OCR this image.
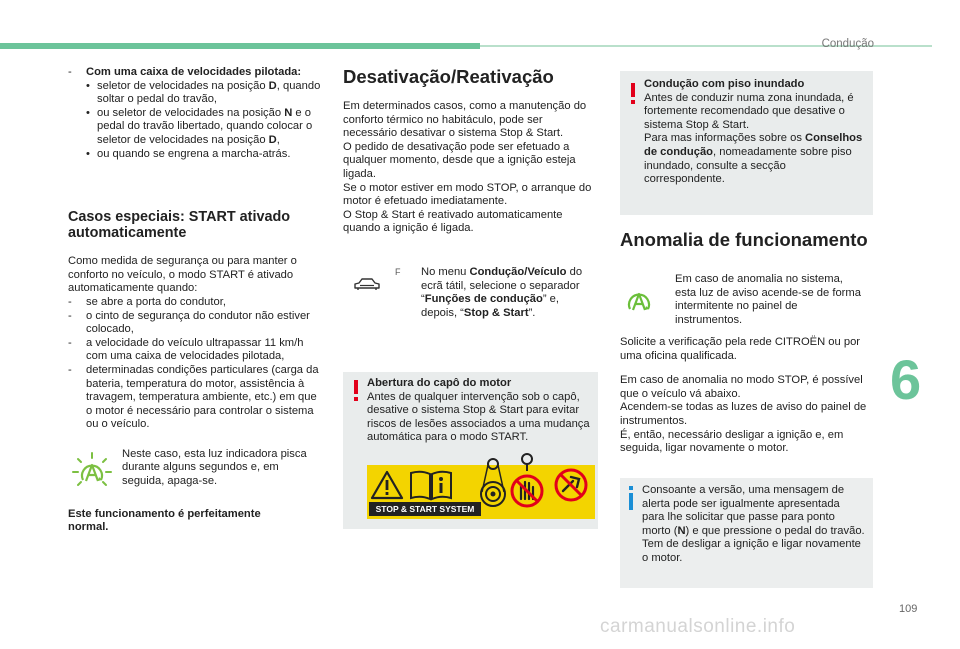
Condução
- Com uma caixa de velocidades pilotada:
• seletor de velocidades na posição D, quando soltar o pedal do travão,
• ou seletor de velocidades na posição N e o pedal do travão libertado, quando colocar o seletor de velocidades na posição D,
• ou quando se engrena a marcha-atrás.
Casos especiais: START ativado automaticamente

Como medida de segurança ou para manter o conforto no veículo, o modo START é ativado automaticamente quando:

- se abre a porta do condutor,
- o cinto de segurança do condutor não estiver colocado,
- a velocidade do veículo ultrapassar 11 km/h com uma caixa de velocidades pilotada,
- determinadas condições particulares (carga da bateria, temperatura do motor, assistência à travagem, temperatura ambiente, etc.) em que o motor é necessário para controlar o sistema ou o veículo.

Neste caso, esta luz indicadora pisca durante alguns segundos e, em seguida, apaga-se.

Este funcionamento é perfeitamente normal.

Desativação/Reativação

Em determinados casos, como a manutenção do conforto térmico no habitáculo, pode ser necessário desativar o sistema Stop & Start.

O pedido de desativação pode ser efetuado a qualquer momento, desde que a ignição esteja ligada.

Se o motor estiver em modo STOP, o arranque do motor é efetuado imediatamente.

O Stop & Start é reativado automaticamente quando a ignição é ligada.

F No menu Condução/Veículo do ecrã tátil, selecione o separador “Funções de condução” e, depois, “Stop & Start”.

Abertura do capô do motor

Antes de qualquer intervenção sob o capô, desative o sistema Stop & Start para evitar riscos de lesões associados a uma mudança automática para o modo START.

STOP & START SYSTEM

Condução com piso inundado

Antes de conduzir numa zona inundada, é fortemente recomendado que desative o sistema Stop & Start.

Para mas informações sobre os Conselhos de condução, nomeadamente sobre piso inundado, consulte a secção correspondente.

Anomalia de funcionamento

Em caso de anomalia no sistema, esta luz de aviso acende-se de forma intermitente no painel de instrumentos.

Solicite a verificação pela rede CITROËN ou por uma oficina qualificada.

Em caso de anomalia no modo STOP, é possível que o veículo vá abaixo.

Acendem-se todas as luzes de aviso do painel de instrumentos.

É, então, necessário desligar a ignição e, em seguida, ligar novamente o motor.

Consoante a versão, uma mensagem de alerta pode ser igualmente apresentada para lhe solicitar que passe para ponto morto (N) e que pressione o pedal do travão.

Tem de desligar a ignição e ligar novamente o motor.

6
109
carmanualsonline.info
